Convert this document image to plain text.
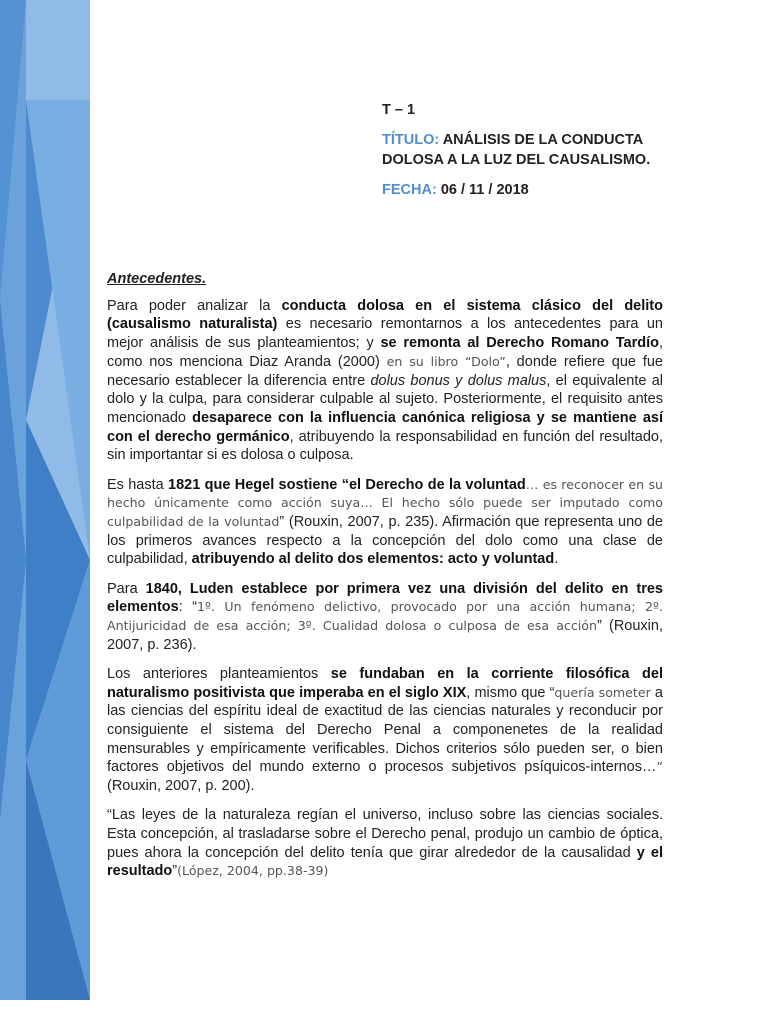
T – 1
TÍTULO: ANÁLISIS DE LA CONDUCTA
DOLOSA A LA LUZ DEL CAUSALISMO.
FECHA: 06 / 11 / 2018

Antecedentes.

Para poder analizar la conducta dolosa en el sistema clásico del delito (causalismo naturalista) es necesario remontarnos a los antecedentes para un mejor análisis de sus planteamientos; y se remonta al Derecho Romano Tardío, como nos menciona Diaz Aranda (2000) en su libro “Dolo”, donde refiere que fue necesario establecer la diferencia entre dolus bonus y dolus malus, el equivalente al dolo y la culpa, para considerar culpable al sujeto. Posteriormente, el requisito antes mencionado desaparece con la influencia canónica religiosa y se mantiene así con el derecho germánico, atribuyendo la responsabilidad en función del resultado, sin importantar si es dolosa o culposa.

Es hasta 1821 que Hegel sostiene “el Derecho de la voluntad… es reconocer en su hecho únicamente como acción suya… El hecho sólo puede ser imputado como culpabilidad de la voluntad” (Rouxin, 2007, p. 235). Afirmación que representa uno de los primeros avances respecto a la concepción del dolo como una clase de culpabilidad, atribuyendo al delito dos elementos: acto y voluntad.

Para 1840, Luden establece por primera vez una división del delito en tres elementos: “1º. Un fenómeno delictivo, provocado por una acción humana; 2º. Antijuricidad de esa acción; 3º. Cualidad dolosa o culposa de esa acción” (Rouxin, 2007, p. 236).

Los anteriores planteamientos se fundaban en la corriente filosófica del naturalismo positivista que imperaba en el siglo XIX, mismo que “quería someter a las ciencias del espíritu ideal de exactitud de las ciencias naturales y reconducir por consiguiente el sistema del Derecho Penal a componenetes de la realidad mensurables y empíricamente verificables. Dichos criterios sólo pueden ser, o bien factores objetivos del mundo externo o procesos subjetivos psíquicos-internos…” (Rouxin, 2007, p. 200).

“Las leyes de la naturaleza regían el universo, incluso sobre las ciencias sociales. Esta concepción, al trasladarse sobre el Derecho penal, produjo un cambio de óptica, pues ahora la concepción del delito tenía que girar alrededor de la causalidad y el resultado”(López, 2004, pp.38-39)
